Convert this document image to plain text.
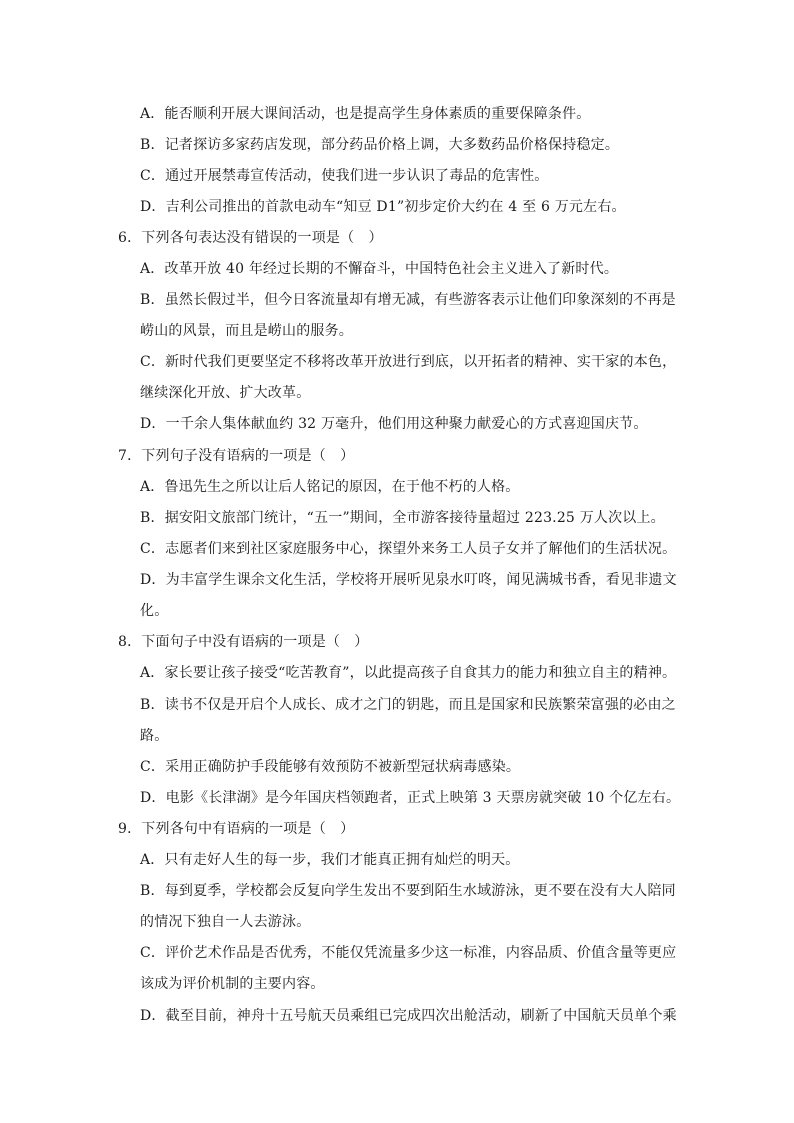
A．能否顺利开展大课间活动，也是提高学生身体素质的重要保障条件。
B．记者探访多家药店发现，部分药品价格上调，大多数药品价格保持稳定。
C．通过开展禁毒宣传活动，使我们进一步认识了毒品的危害性。
D．吉利公司推出的首款电动车“知豆 D1”初步定价大约在 4 至 6 万元左右。
6．下列各句表达没有错误的一项是（　）
A．改革开放 40 年经过长期的不懈奋斗，中国特色社会主义进入了新时代。
B．虽然长假过半，但今日客流量却有增无减，有些游客表示让他们印象深刻的不再是
崂山的风景，而且是崂山的服务。
C．新时代我们更要坚定不移将改革开放进行到底，以开拓者的精神、实干家的本色，
继续深化开放、扩大改革。
D．一千余人集体献血约 32 万毫升，他们用这种聚力献爱心的方式喜迎国庆节。
7．下列句子没有语病的一项是（　）
A．鲁迅先生之所以让后人铭记的原因，在于他不朽的人格。
B．据安阳文旅部门统计，“五一”期间，全市游客接待量超过 223.25 万人次以上。
C．志愿者们来到社区家庭服务中心，探望外来务工人员子女并了解他们的生活状况。
D．为丰富学生课余文化生活，学校将开展听见泉水叮咚，闻见满城书香，看见非遗文
化。
8．下面句子中没有语病的一项是（　）
A．家长要让孩子接受“吃苦教育”，以此提高孩子自食其力的能力和独立自主的精神。
B．读书不仅是开启个人成长、成才之门的钥匙，而且是国家和民族繁荣富强的必由之
路。
C．采用正确防护手段能够有效预防不被新型冠状病毒感染。
D．电影《长津湖》是今年国庆档领跑者，正式上映第 3 天票房就突破 10 个亿左右。
9．下列各句中有语病的一项是（　）
A．只有走好人生的每一步，我们才能真正拥有灿烂的明天。
B．每到夏季，学校都会反复向学生发出不要到陌生水域游泳，更不要在没有大人陪同
的情况下独自一人去游泳。
C．评价艺术作品是否优秀，不能仅凭流量多少这一标准，内容品质、价值含量等更应
该成为评价机制的主要内容。
D．截至目前，神舟十五号航天员乘组已完成四次出舱活动，刷新了中国航天员单个乘
